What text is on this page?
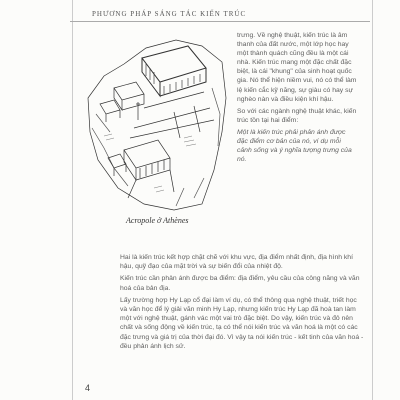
PHƯƠNG PHÁP SÁNG TÁC KIẾN TRÚC
Acropole ở Athènes

trưng. Về nghệ thuật, kiến trúc là âm thanh của đất nước, một lớp học hay một thành quách cũng đều là một cái nhà. Kiến trúc mang một đặc chất đặc biệt, là cái "khung" của sinh hoạt quốc gia. Nó thể hiện niềm vui, nó có thể làm lệ kiến cắc kỹ năng, sự giàu có hay sự nghèo nàn và điều kiện khí hậu.

So với các ngành nghệ thuật khác, kiến trúc tồn tại hai điểm:

Một là kiến trúc phải phản ánh được đặc điểm cơ bản của nó, ví dụ mỗi cảnh sống và ý nghĩa tượng trưng của nó.

Hai là kiến trúc kết hợp chặt chẽ với khu vực, địa điểm nhất định, địa hình khí hậu, quỹ đạo của mặt trời và sự biến đổi của nhiệt độ.

Kiến trúc cần phản ánh được ba điểm: địa điểm, yêu cầu của công năng và văn hoá của bản địa.

Lấy trường hợp Hy Lạp cổ đại làm ví dụ, có thể thông qua nghệ thuật, triết học và văn học để lý giải văn minh Hy Lạp, nhưng kiến trúc Hy Lạp đã hoà tan làm một với nghệ thuật, gánh vác một vai trò đặc biệt. Do vậy, kiến trúc và đô nên chất và sống động về kiến trúc, tạ có thể nói kiến trúc và văn hoá là một có các đặc trưng và giá trị của thời đại đó. Vì vậy ta nói kiến trúc - kết tinh của văn hoá - đều phản ánh lịch sử.

4
